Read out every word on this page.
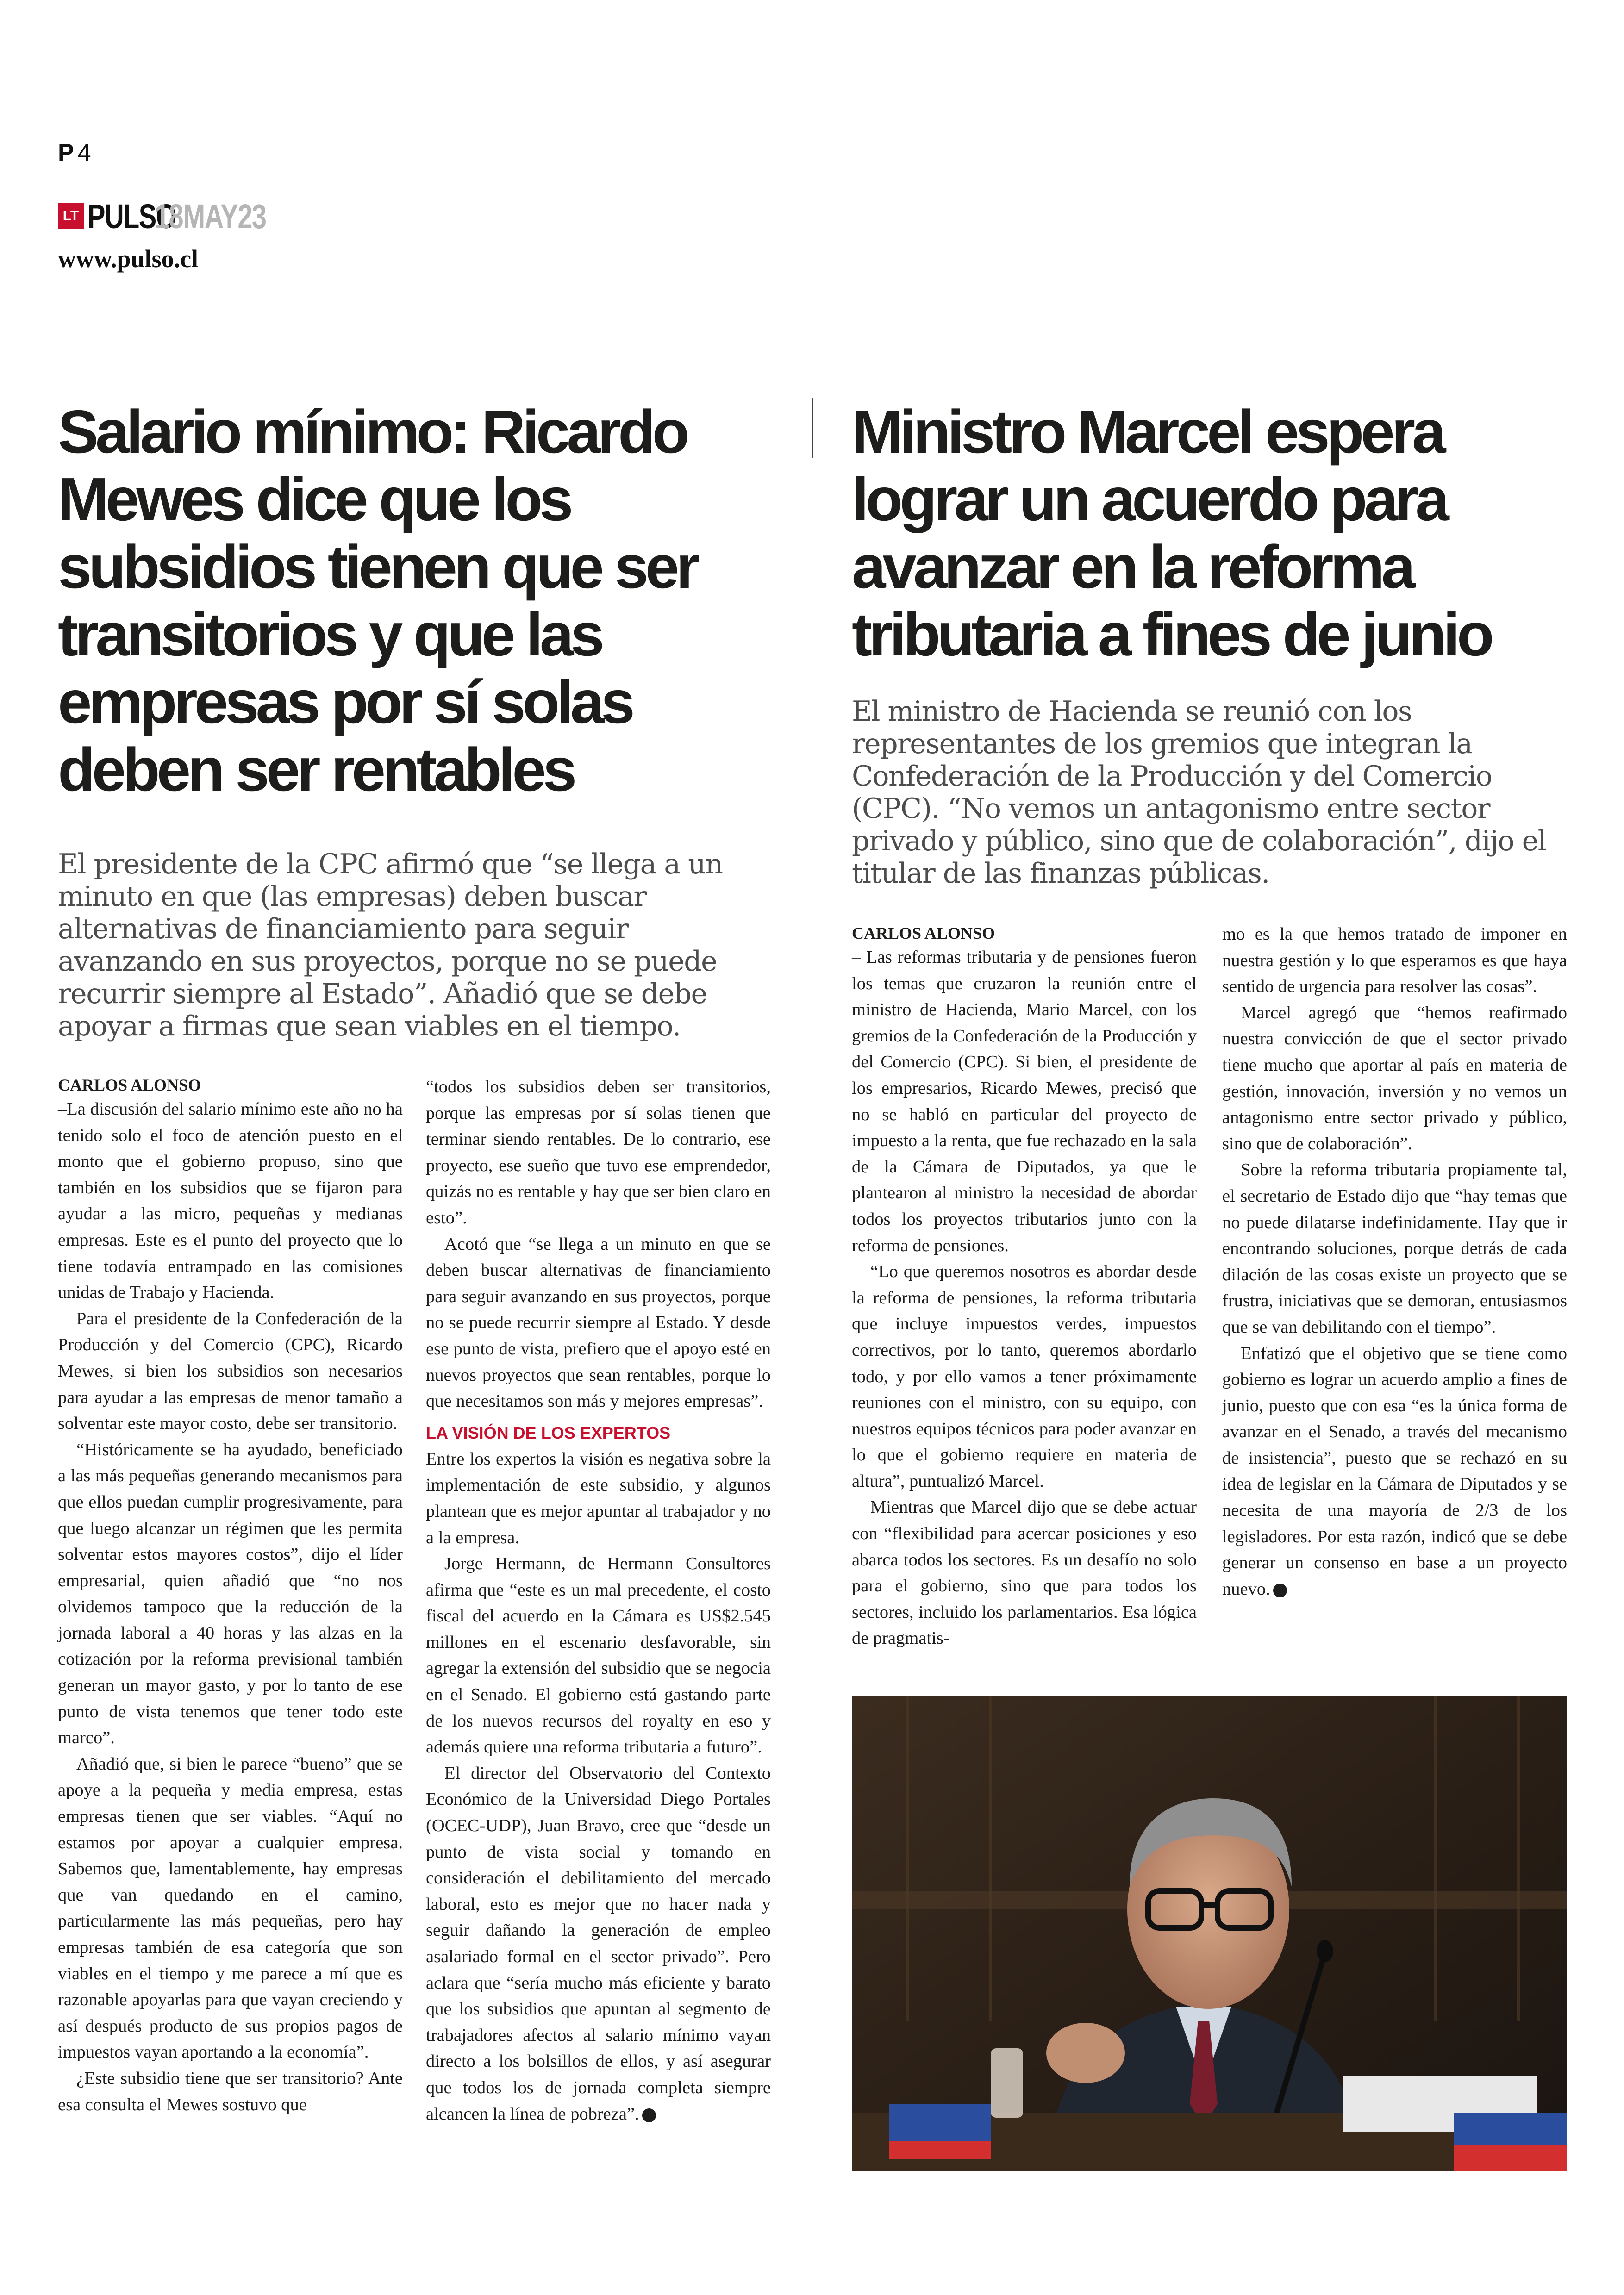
P 4
LT PULSO
18MAY23
www.pulso.cl
Salario mínimo: Ricardo Mewes dice que los subsidios tienen que ser transitorios y que las empresas por sí solas deben ser rentables

El presidente de la CPC afirmó que “se llega a un minuto en que (las empresas) deben buscar alternativas de financiamiento para seguir avanzando en sus proyectos, porque no se puede recurrir siempre al Estado”. Añadió que se debe apoyar a firmas que sean viables en el tiempo.

CARLOS ALONSO

–La discusión del salario mínimo este año no ha tenido solo el foco de atención puesto en el monto que el gobierno propuso, sino que también en los subsidios que se fijaron para ayudar a las micro, pequeñas y medianas empresas. Este es el punto del proyecto que lo tiene todavía entrampado en las comisiones unidas de Trabajo y Hacienda.

Para el presidente de la Confederación de la Producción y del Comercio (CPC), Ricardo Mewes, si bien los subsidios son necesarios para ayudar a las empresas de menor tamaño a solventar este mayor costo, debe ser transitorio.

“Históricamente se ha ayudado, beneficiado a las más pequeñas generando mecanismos para que ellos puedan cumplir progresivamente, para que luego alcanzar un régimen que les permita solventar estos mayores costos”, dijo el líder empresarial, quien añadió que “no nos olvidemos tampoco que la reducción de la jornada laboral a 40 horas y las alzas en la cotización por la reforma previsional también generan un mayor gasto, y por lo tanto de ese punto de vista tenemos que tener todo este marco”.

Añadió que, si bien le parece “bueno” que se apoye a la pequeña y media empresa, estas empresas tienen que ser viables. “Aquí no estamos por apoyar a cualquier empresa. Sabemos que, lamentablemente, hay empresas que van quedando en el camino, particularmente las más pequeñas, pero hay empresas también de esa categoría que son viables en el tiempo y me parece a mí que es razonable apoyarlas para que vayan creciendo y así después producto de sus propios pagos de impuestos vayan aportando a la economía”.

¿Este subsidio tiene que ser transitorio? Ante esa consulta el Mewes sostuvo que

“todos los subsidios deben ser transitorios, porque las empresas por sí solas tienen que terminar siendo rentables. De lo contrario, ese proyecto, ese sueño que tuvo ese emprendedor, quizás no es rentable y hay que ser bien claro en esto”.

Acotó que “se llega a un minuto en que se deben buscar alternativas de financiamiento para seguir avanzando en sus proyectos, porque no se puede recurrir siempre al Estado. Y desde ese punto de vista, prefiero que el apoyo esté en nuevos proyectos que sean rentables, porque lo que necesitamos son más y mejores empresas”.

LA VISIÓN DE LOS EXPERTOS

Entre los expertos la visión es negativa sobre la implementación de este subsidio, y algunos plantean que es mejor apuntar al trabajador y no a la empresa.

Jorge Hermann, de Hermann Consultores afirma que “este es un mal precedente, el costo fiscal del acuerdo en la Cámara es US$2.545 millones en el escenario desfavorable, sin agregar la extensión del subsidio que se negocia en el Senado. El gobierno está gastando parte de los nuevos recursos del royalty en eso y además quiere una reforma tributaria a futuro”.

El director del Observatorio del Contexto Económico de la Universidad Diego Portales (OCEC-UDP), Juan Bravo, cree que “desde un punto de vista social y tomando en consideración el debilitamiento del mercado laboral, esto es mejor que no hacer nada y seguir dañando la generación de empleo asalariado formal en el sector privado”. Pero aclara que “sería mucho más eficiente y barato que los subsidios que apuntan al segmento de trabajadores afectos al salario mínimo vayan directo a los bolsillos de ellos, y así asegurar que todos los de jornada completa siempre alcancen la línea de pobreza”. P

Ministro Marcel espera lograr un acuerdo para avanzar en la reforma tributaria a fines de junio

El ministro de Hacienda se reunió con los representantes de los gremios que integran la Confederación de la Producción y del Comercio (CPC). “No vemos un antagonismo entre sector privado y público, sino que de colaboración”, dijo el titular de las finanzas públicas.

CARLOS ALONSO

– Las reformas tributaria y de pensiones fueron los temas que cruzaron la reunión entre el ministro de Hacienda, Mario Marcel, con los gremios de la Confederación de la Producción y del Comercio (CPC). Si bien, el presidente de los empresarios, Ricardo Mewes, precisó que no se habló en particular del proyecto de impuesto a la renta, que fue rechazado en la sala de la Cámara de Diputados, ya que le plantearon al ministro la necesidad de abordar todos los proyectos tributarios junto con la reforma de pensiones.

“Lo que queremos nosotros es abordar desde la reforma de pensiones, la reforma tributaria que incluye impuestos verdes, impuestos correctivos, por lo tanto, queremos abordarlo todo, y por ello vamos a tener próximamente reuniones con el ministro, con su equipo, con nuestros equipos técnicos para poder avanzar en lo que el gobierno requiere en materia de altura”, puntualizó Marcel.

Mientras que Marcel dijo que se debe actuar con “flexibilidad para acercar posiciones y eso abarca todos los sectores. Es un desafío no solo para el gobierno, sino que para todos los sectores, incluido los parlamentarios. Esa lógica de pragmatis-

mo es la que hemos tratado de imponer en nuestra gestión y lo que esperamos es que haya sentido de urgencia para resolver las cosas”.

Marcel agregó que “hemos reafirmado nuestra convicción de que el sector privado tiene mucho que aportar al país en materia de gestión, innovación, inversión y no vemos un antagonismo entre sector privado y público, sino que de colaboración”.

Sobre la reforma tributaria propiamente tal, el secretario de Estado dijo que “hay temas que no puede dilatarse indefinidamente. Hay que ir encontrando soluciones, porque detrás de cada dilación de las cosas existe un proyecto que se frustra, iniciativas que se demoran, entusiasmos que se van debilitando con el tiempo”.

Enfatizó que el objetivo que se tiene como gobierno es lograr un acuerdo amplio a fines de junio, puesto que con esa “es la única forma de avanzar en el Senado, a través del mecanismo de insistencia”, puesto que se rechazó en su idea de legislar en la Cámara de Diputados y se necesita de una mayoría de 2/3 de los legisladores. Por esta razón, indicó que se debe generar un consenso en base a un proyecto nuevo. P
